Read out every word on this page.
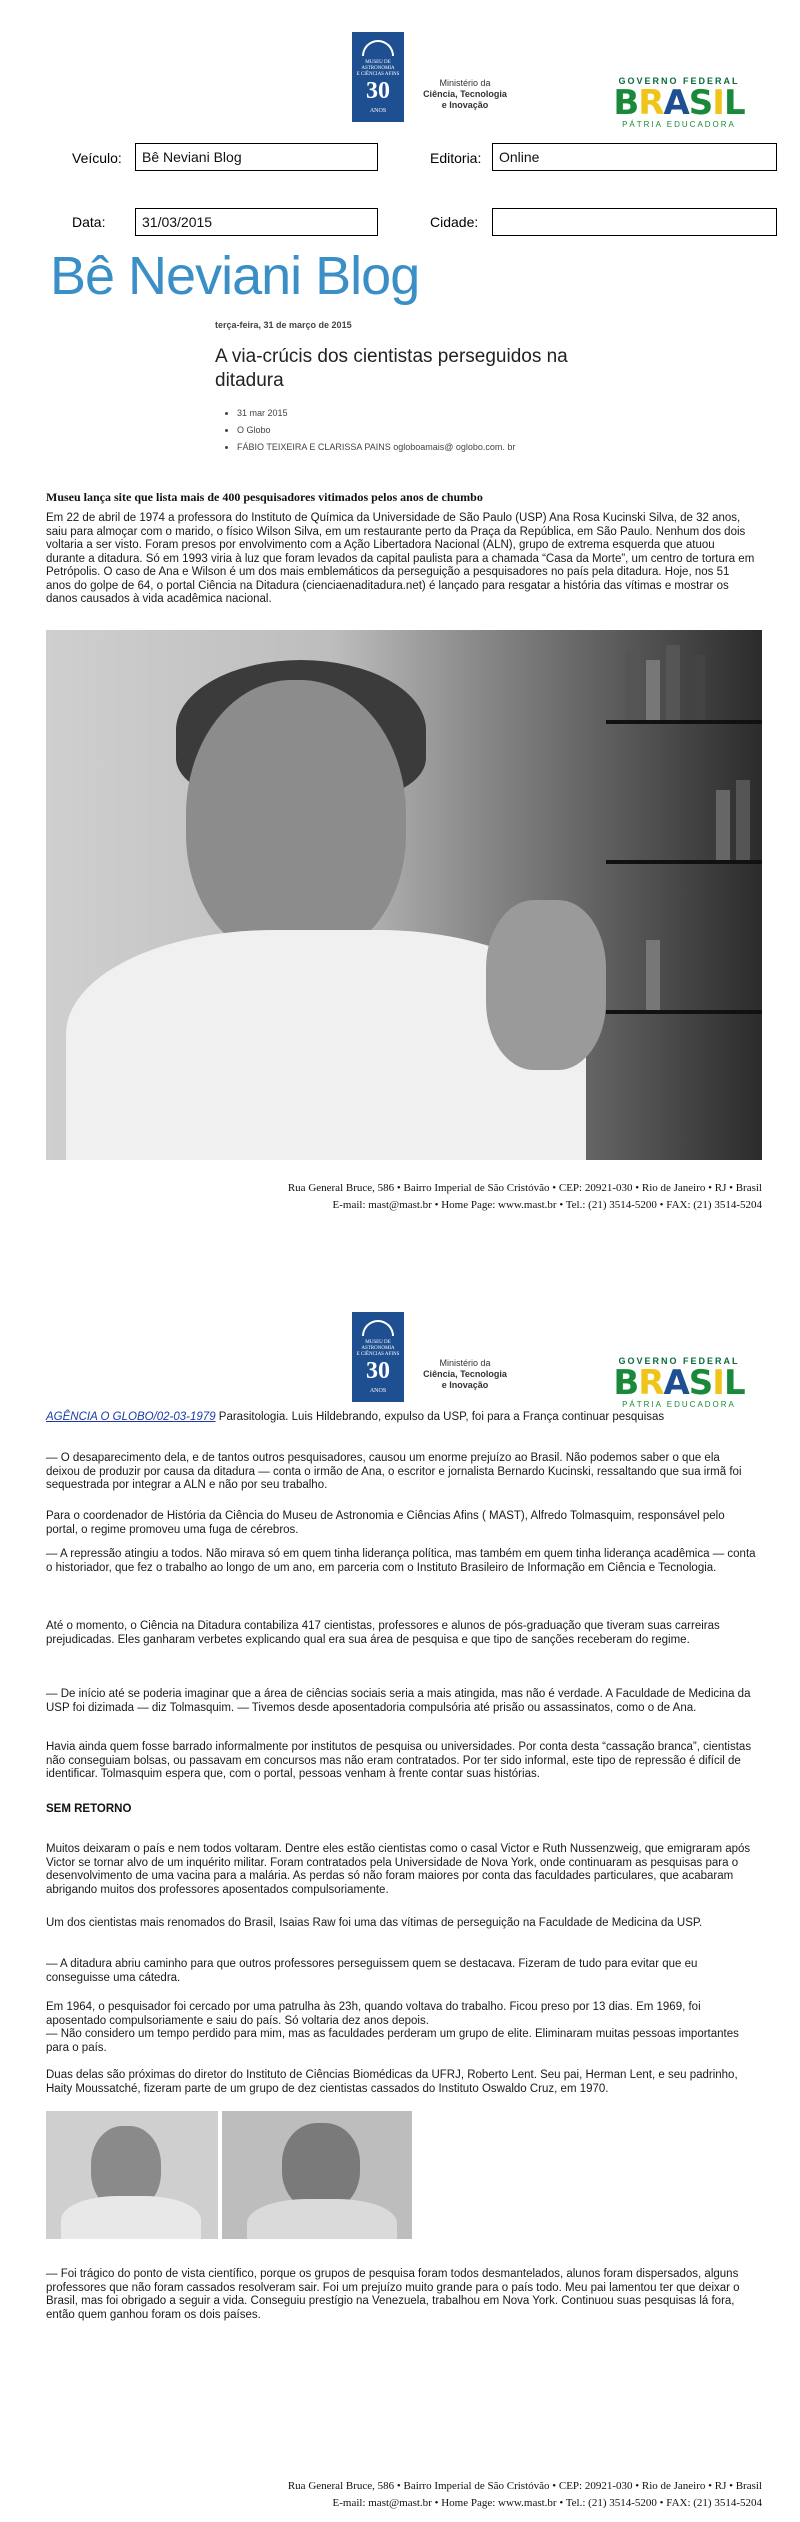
MUSEU DE
ASTRONOMIA
E CIÊNCIAS AFINS
30
ANOS
Ministério da
Ciência, Tecnologia
e Inovação
GOVERNO FEDERAL
BRASIL
PÁTRIA EDUCADORA
Veículo:	Bê Neviani Blog	Editoria:	Online
Data:	31/03/2015	Cidade:
Bê Neviani Blog
terça-feira, 31 de março de 2015
A via-crúcis dos cientistas perseguidos na ditadura
• 31 mar 2015
• O Globo
• FÁBIO TEIXEIRA E CLARISSA PAINS ogloboamais@ oglobo.com. br
Museu lança site que lista mais de 400 pesquisadores vitimados pelos anos de chumbo

Em 22 de abril de 1974 a professora do Instituto de Química da Universidade de São Paulo (USP) Ana Rosa Kucinski Silva, de 32 anos, saiu para almoçar com o marido, o físico Wilson Silva, em um restaurante perto da Praça da República, em São Paulo. Nenhum dos dois voltaria a ser visto. Foram presos por envolvimento com a Ação Libertadora Nacional (ALN), grupo de extrema esquerda que atuou durante a ditadura. Só em 1993 viria à luz que foram levados da capital paulista para a chamada “Casa da Morte”, um centro de tortura em Petrópolis. O caso de Ana e Wilson é um dos mais emblemáticos da perseguição a pesquisadores no país pela ditadura. Hoje, nos 51 anos do golpe de 64, o portal Ciência na Ditadura (cienciaenaditadura.net) é lançado para resgatar a história das vítimas e mostrar os danos causados à vida acadêmica nacional.

Rua General Bruce, 586 • Bairro Imperial de São Cristóvão • CEP: 20921-030 • Rio de Janeiro • RJ • Brasil
E-mail: mast@mast.br • Home Page: www.mast.br • Tel.: (21) 3514-5200 • FAX: (21) 3514-5204
MUSEU DE
ASTRONOMIA
E CIÊNCIAS AFINS
30
ANOS
Ministério da
Ciência, Tecnologia
e Inovação
GOVERNO FEDERAL
BRASIL
PÁTRIA EDUCADORA

AGÊNCIA O GLOBO/02-03-1979 Parasitologia. Luis Hildebrando, expulso da USP, foi para a França continuar pesquisas

— O desaparecimento dela, e de tantos outros pesquisadores, causou um enorme prejuízo ao Brasil. Não podemos saber o que ela deixou de produzir por causa da ditadura — conta o irmão de Ana, o escritor e jornalista Bernardo Kucinski, ressaltando que sua irmã foi sequestrada por integrar a ALN e não por seu trabalho.

Para o coordenador de História da Ciência do Museu de Astronomia e Ciências Afins ( MAST), Alfredo Tolmasquim, responsável pelo portal, o regime promoveu uma fuga de cérebros.

— A repressão atingiu a todos. Não mirava só em quem tinha liderança política, mas também em quem tinha liderança acadêmica — conta o historiador, que fez o trabalho ao longo de um ano, em parceria com o Instituto Brasileiro de Informação em Ciência e Tecnologia.

Até o momento, o Ciência na Ditadura contabiliza 417 cientistas, professores e alunos de pós-graduação que tiveram suas carreiras prejudicadas. Eles ganharam verbetes explicando qual era sua área de pesquisa e que tipo de sanções receberam do regime.

— De início até se poderia imaginar que a área de ciências sociais seria a mais atingida, mas não é verdade. A Faculdade de Medicina da USP foi dizimada — diz Tolmasquim. — Tivemos desde aposentadoria compulsória até prisão ou assassinatos, como o de Ana.

Havia ainda quem fosse barrado informalmente por institutos de pesquisa ou universidades. Por conta desta “cassação branca”, cientistas não conseguiam bolsas, ou passavam em concursos mas não eram contratados. Por ter sido informal, este tipo de repressão é difícil de identificar. Tolmasquim espera que, com o portal, pessoas venham à frente contar suas histórias.

SEM RETORNO

Muitos deixaram o país e nem todos voltaram. Dentre eles estão cientistas como o casal Victor e Ruth Nussenzweig, que emigraram após Victor se tornar alvo de um inquérito militar. Foram contratados pela Universidade de Nova York, onde continuaram as pesquisas para o desenvolvimento de uma vacina para a malária. As perdas só não foram maiores por conta das faculdades particulares, que acabaram abrigando muitos dos professores aposentados compulsoriamente.

Um dos cientistas mais renomados do Brasil, Isaias Raw foi uma das vítimas de perseguição na Faculdade de Medicina da USP.

— A ditadura abriu caminho para que outros professores perseguissem quem se destacava. Fizeram de tudo para evitar que eu conseguisse uma cátedra.

Em 1964, o pesquisador foi cercado por uma patrulha às 23h, quando voltava do trabalho. Ficou preso por 13 dias. Em 1969, foi aposentado compulsoriamente e saiu do país. Só voltaria dez anos depois.
— Não considero um tempo perdido para mim, mas as faculdades perderam um grupo de elite. Eliminaram muitas pessoas importantes para o país.

Duas delas são próximas do diretor do Instituto de Ciências Biomédicas da UFRJ, Roberto Lent. Seu pai, Herman Lent, e seu padrinho, Haity Moussatché, fizeram parte de um grupo de dez cientistas cassados do Instituto Oswaldo Cruz, em 1970.

— Foi trágico do ponto de vista científico, porque os grupos de pesquisa foram todos desmantelados, alunos foram dispersados, alguns professores que não foram cassados resolveram sair. Foi um prejuízo muito grande para o país todo. Meu pai lamentou ter que deixar o Brasil, mas foi obrigado a seguir a vida. Conseguiu prestígio na Venezuela, trabalhou em Nova York. Continuou suas pesquisas lá fora, então quem ganhou foram os dois países.

Rua General Bruce, 586 • Bairro Imperial de São Cristóvão • CEP: 20921-030 • Rio de Janeiro • RJ • Brasil
E-mail: mast@mast.br • Home Page: www.mast.br • Tel.: (21) 3514-5200 • FAX: (21) 3514-5204
